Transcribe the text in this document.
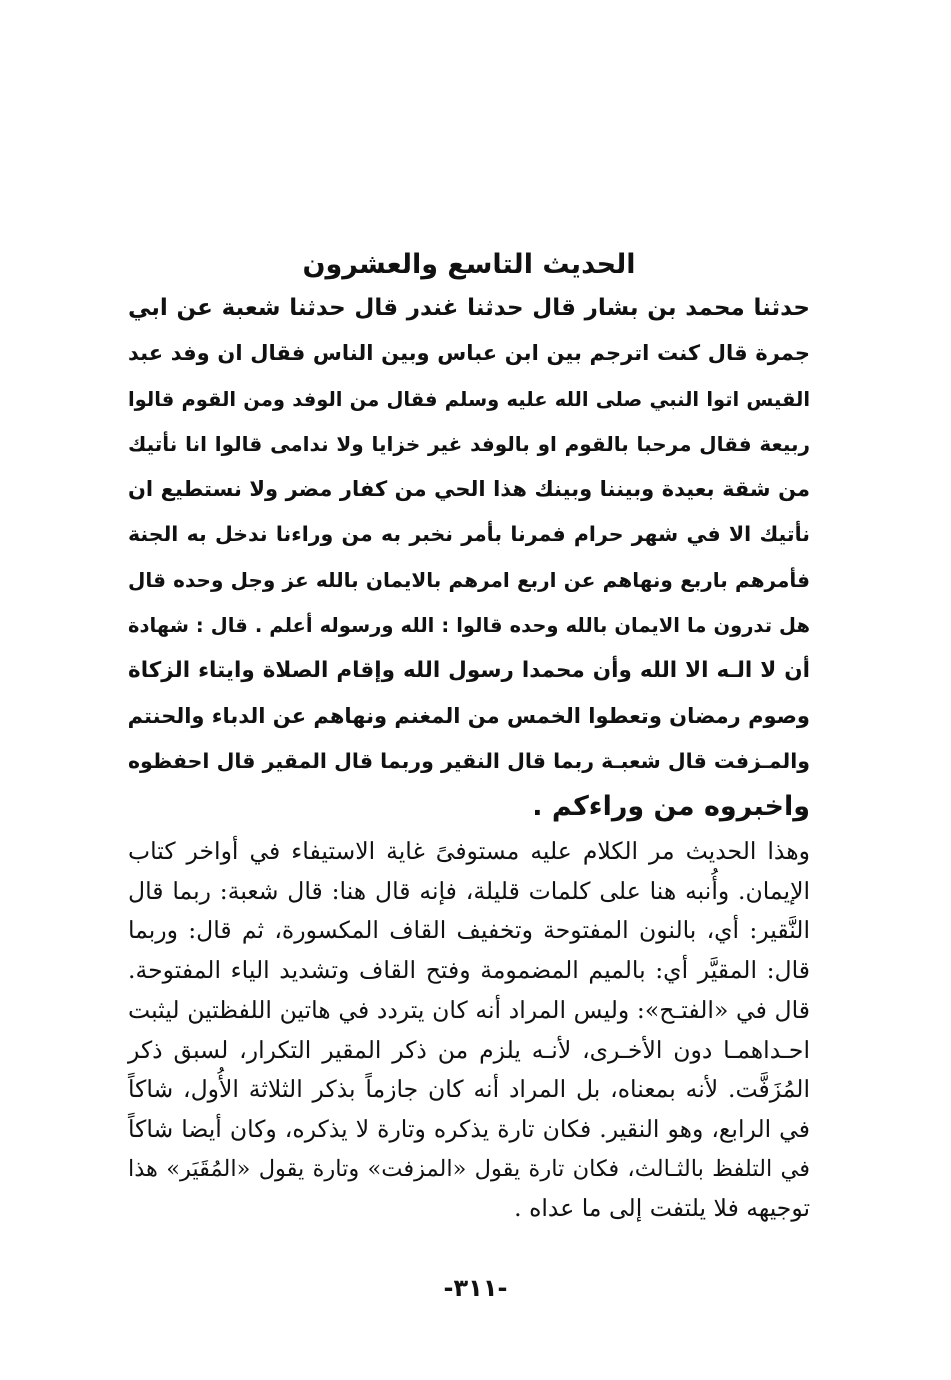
الحديث التاسع والعشرون
حدثنا محمد بن بشار قال حدثنا غندر قال حدثنا شعبة عن ابي
جمرة قال كنت اترجم بين ابن عباس وبين الناس فقال ان وفد عبد
القيس اتوا النبي صلى الله عليه وسلم فقال من الوفد ومن القوم قالوا
ربيعة فقال مرحبا بالقوم او بالوفد غير خزايا ولا ندامى قالوا انا نأتيك
من شقة بعيدة وبيننا وبينك هذا الحي من كفار مضر ولا نستطيع ان
نأتيك الا في شهر حرام فمرنا بأمر نخبر به من وراءنا ندخل به الجنة
فأمرهم باربع ونهاهم عن اربع امرهم بالايمان بالله عز وجل وحده قال
هل تدرون ما الايمان بالله وحده قالوا : الله ورسوله أعلم . قال : شهادة
أن لا الـه الا الله وأن محمدا رسول الله وإقام الصلاة وايتاء الزكاة
وصوم رمضان وتعطوا الخمس من المغنم ونهاهم عن الدباء والحنتم
والمـزفت قال شعبـة ربما قال النقير وربما قال المقير قال احفظوه
واخبروه من وراءكم .
وهذا الحديث مر الكلام عليه مستوفىً غاية الاستيفاء في أواخر كتاب
الإيمان. وأُنبه هنا على كلمات قليلة، فإنه قال هنا: قال شعبة: ربما قال
النَّقير: أي، بالنون المفتوحة وتخفيف القاف المكسورة، ثم قال: وربما
قال: المقيَّر أي: بالميم المضمومة وفتح القاف وتشديد الياء المفتوحة.
قال في «الفتـح»: وليس المراد أنه كان يتردد في هاتين اللفظتين ليثبت
احـداهمـا دون الأخـرى، لأنـه يلزم من ذكر المقير التكرار، لسبق ذكر
المُزَفَّت. لأنه بمعناه، بل المراد أنه كان جازماً بذكر الثلاثة الأُول، شاكاً
في الرابع، وهو النقير. فكان تارة يذكره وتارة لا يذكره، وكان أيضا شاكاً
في التلفظ بالثـالث، فكان تارة يقول «المزفت» وتارة يقول «المُقَيَر» هذا
توجيهه فلا يلتفت إلى ما عداه .
-٣١١-
